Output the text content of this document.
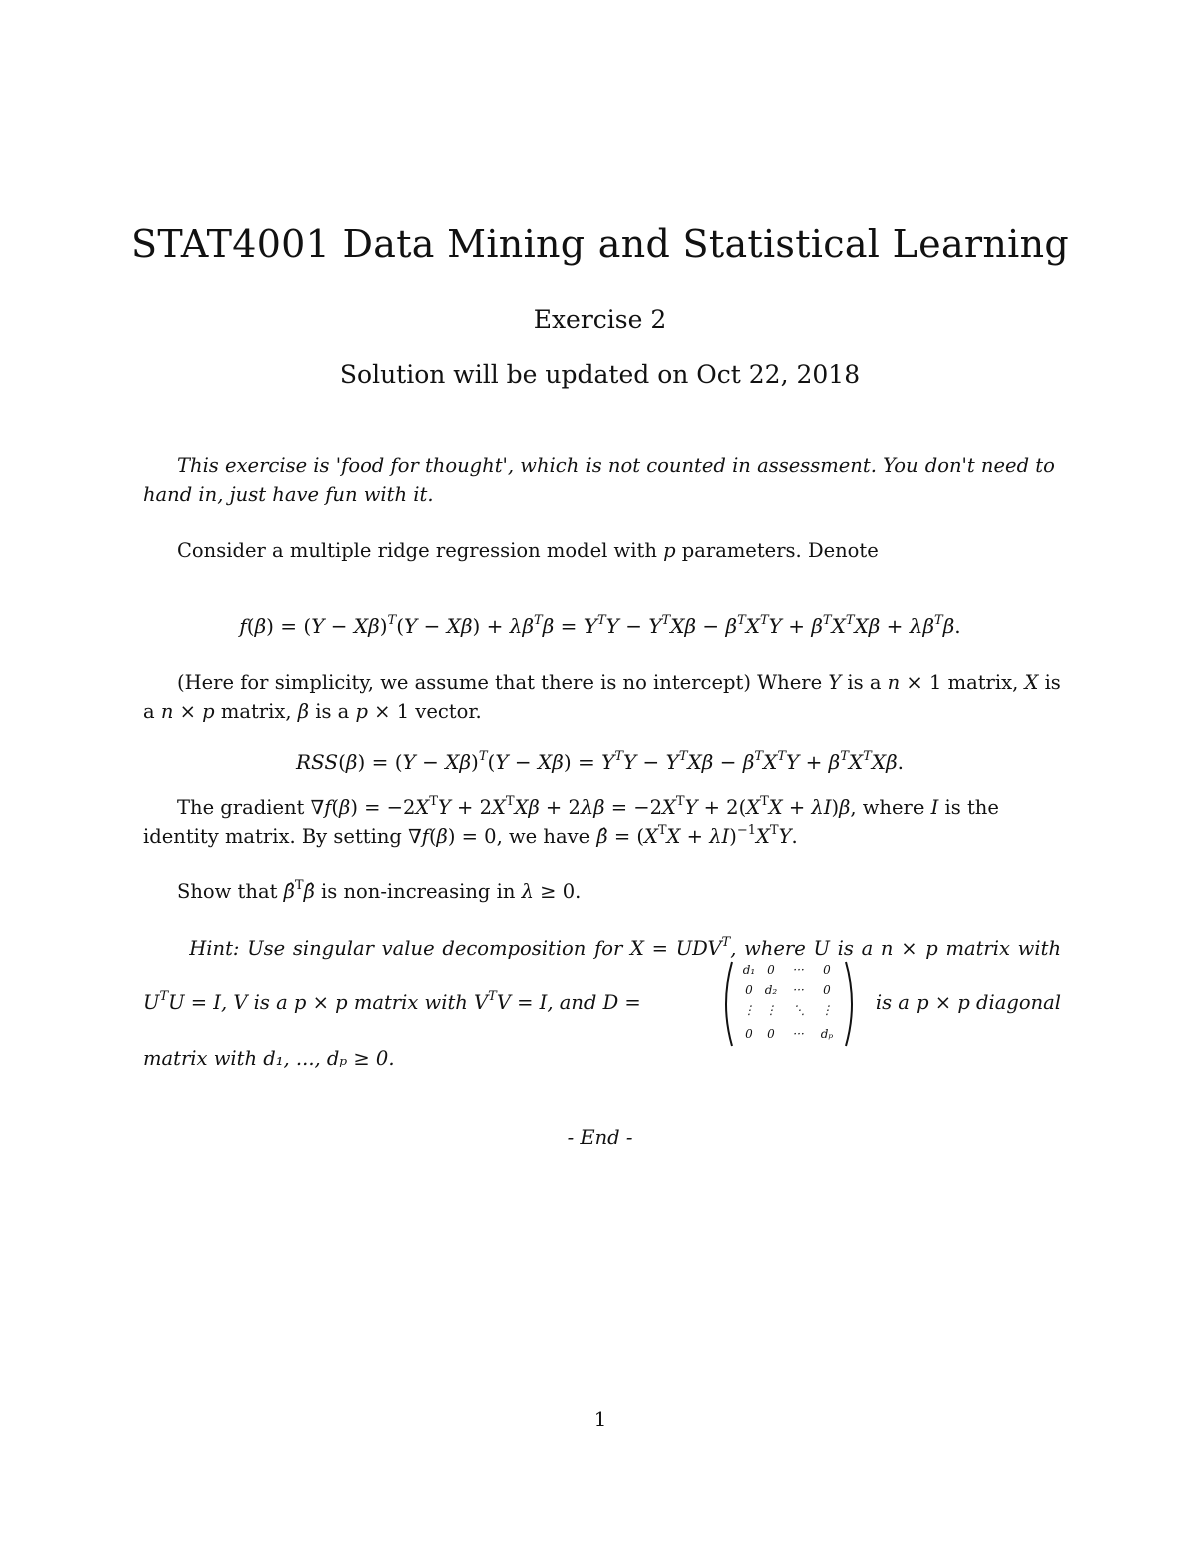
STAT4001 Data Mining and Statistical Learning
Exercise 2
Solution will be updated on Oct 22, 2018
This exercise is 'food for thought', which is not counted in assessment. You don't need to hand in, just have fun with it.
Consider a multiple ridge regression model with p parameters. Denote
$f(\beta) = (Y - X\beta)^T(Y - X\beta) + \lambda\beta^T\beta = Y^TY - Y^TX\beta - \beta^TX^TY + \beta^TX^TX\beta + \lambda\beta^T\beta$.
(Here for simplicity, we assume that there is no intercept) Where Y is a n × 1 matrix, X is a n × p matrix, β is a p × 1 vector.
$RSS(\beta) = (Y - X\beta)^T(Y - X\beta) = Y^TY - Y^TX\beta - \beta^TX^TY + \beta^TX^TX\beta$.
The gradient $\nabla f(\beta) = -2X^TY + 2X^TX\beta + 2\lambda\beta = -2X^TY + 2(X^TX + \lambda I)\beta$, where I is the identity matrix. By setting ∇f(β) = 0, we have β̂ = $(X^TX + \lambda I)^{-1}X^TY$.
Show that β̂$^T$β̂ is non-increasing in λ ≥ 0.
Hint: Use singular value decomposition for $X = UDV^T$, where U is a n × p matrix with
$U^TU = I$, V is a p × p matrix with $V^TV = I$, and D =
d₁ 0	···	0
0 d₂	···	0
⋮ ⋮	⋱	⋮
0	0	···	dₚ
is a p × p diagonal
matrix with d₁, ..., dₚ ≥ 0.
- End -
1
